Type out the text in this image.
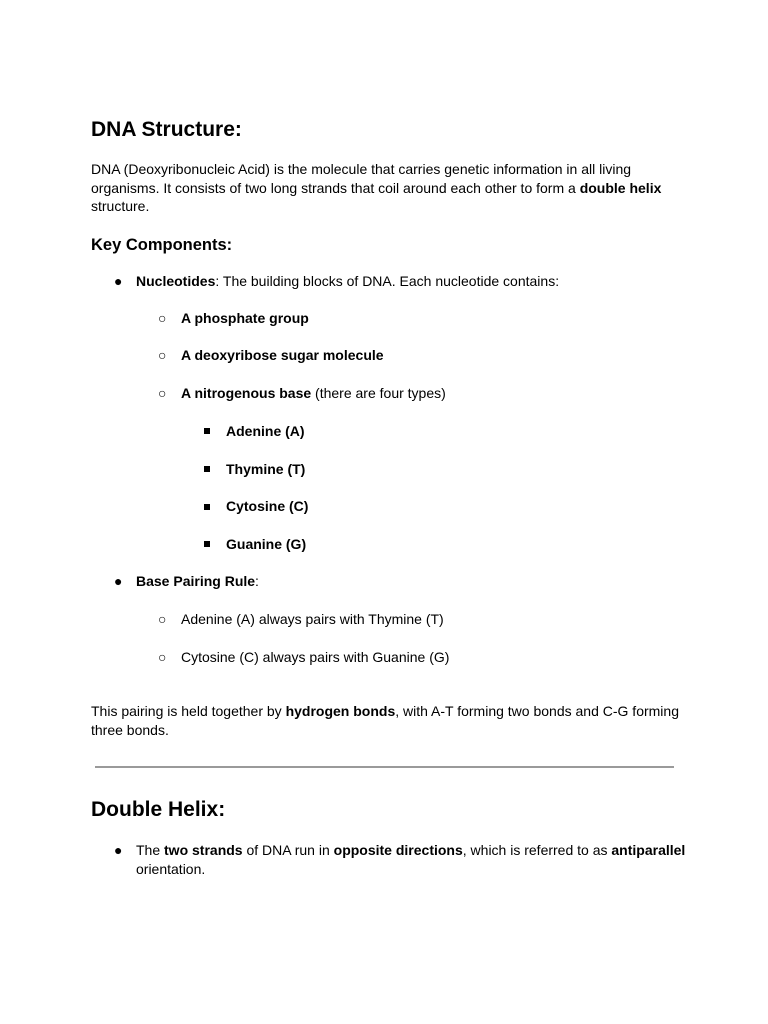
DNA Structure:

DNA (Deoxyribonucleic Acid) is the molecule that carries genetic information in all living organisms. It consists of two long strands that coil around each other to form a double helix structure.

Key Components:
● Nucleotides: The building blocks of DNA. Each nucleotide contains:
○ A phosphate group
○ A deoxyribose sugar molecule
○ A nitrogenous base (there are four types)
Adenine (A)
Thymine (T)
Cytosine (C)
Guanine (G)
● Base Pairing Rule:
○ Adenine (A) always pairs with Thymine (T)
○ Cytosine (C) always pairs with Guanine (G)

This pairing is held together by hydrogen bonds, with A-T forming two bonds and C-G forming three bonds.

Double Helix:
● The two strands of DNA run in opposite directions, which is referred to as antiparallel orientation.
